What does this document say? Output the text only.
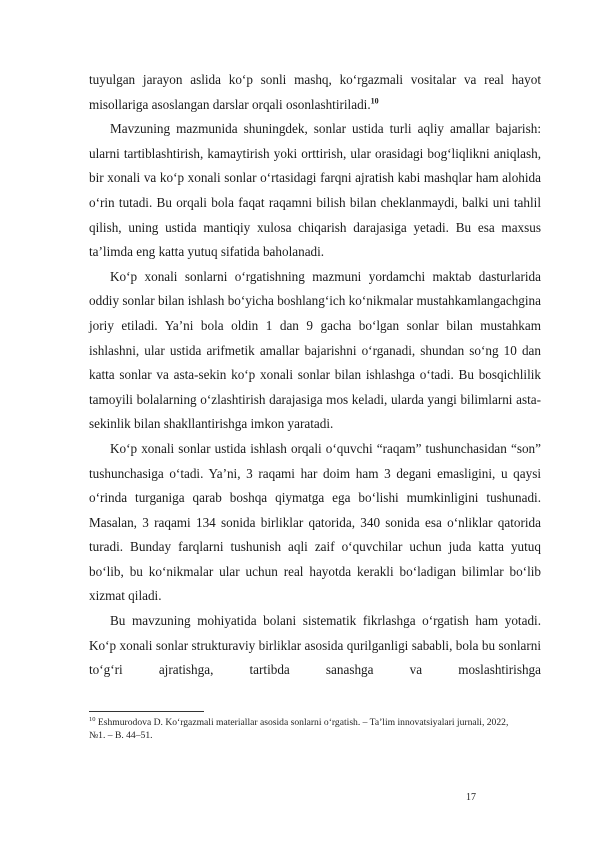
tuyulgan jarayon aslida ko‘p sonli mashq, ko‘rgazmali vositalar va real hayot misollariga asoslangan darslar orqali osonlashtiriladi.$^{10}$

Mavzuning mazmunida shuningdek, sonlar ustida turli aqliy amallar bajarish: ularni tartiblashtirish, kamaytirish yoki orttirish, ular orasidagi bog‘liqlikni aniqlash, bir xonali va ko‘p xonali sonlar o‘rtasidagi farqni ajratish kabi mashqlar ham alohida o‘rin tutadi. Bu orqali bola faqat raqamni bilish bilan cheklanmaydi, balki uni tahlil qilish, uning ustida mantiqiy xulosa chiqarish darajasiga yetadi. Bu esa maxsus ta’limda eng katta yutuq sifatida baholanadi.

Ko‘p xonali sonlarni o‘rgatishning mazmuni yordamchi maktab dasturlarida oddiy sonlar bilan ishlash bo‘yicha boshlang‘ich ko‘nikmalar mustahkamlangachgina joriy etiladi. Ya’ni bola oldin 1 dan 9 gacha bo‘lgan sonlar bilan mustahkam ishlashni, ular ustida arifmetik amallar bajarishni o‘rganadi, shundan so‘ng 10 dan katta sonlar va asta-sekin ko‘p xonali sonlar bilan ishlashga o‘tadi. Bu bosqichlilik tamoyili bolalarning o‘zlashtirish darajasiga mos keladi, ularda yangi bilimlarni asta-sekinlik bilan shakllantirishga imkon yaratadi.

Ko‘p xonali sonlar ustida ishlash orqali o‘quvchi “raqam” tushunchasidan “son” tushunchasiga o‘tadi. Ya’ni, 3 raqami har doim ham 3 degani emasligini, u qaysi o‘rinda turganiga qarab boshqa qiymatga ega bo‘lishi mumkinligini tushunadi. Masalan, 3 raqami 134 sonida birliklar qatorida, 340 sonida esa o‘nliklar qatorida turadi. Bunday farqlarni tushunish aqli zaif o‘quvchilar uchun juda katta yutuq bo‘lib, bu ko‘nikmalar ular uchun real hayotda kerakli bo‘ladigan bilimlar bo‘lib xizmat qiladi.

Bu mavzuning mohiyatida bolani sistematik fikrlashga o‘rgatish ham yotadi. Ko‘p xonali sonlar strukturaviy birliklar asosida qurilganligi sababli, bola bu sonlarni to‘g‘ri ajratishga, tartibda sanashga va moslashtirishga

$^{10}$ Eshmurodova D. Ko‘rgazmali materiallar asosida sonlarni o‘rgatish. – Ta’lim innovatsiyalari jurnali, 2022, №1. – B. 44–51.
17
